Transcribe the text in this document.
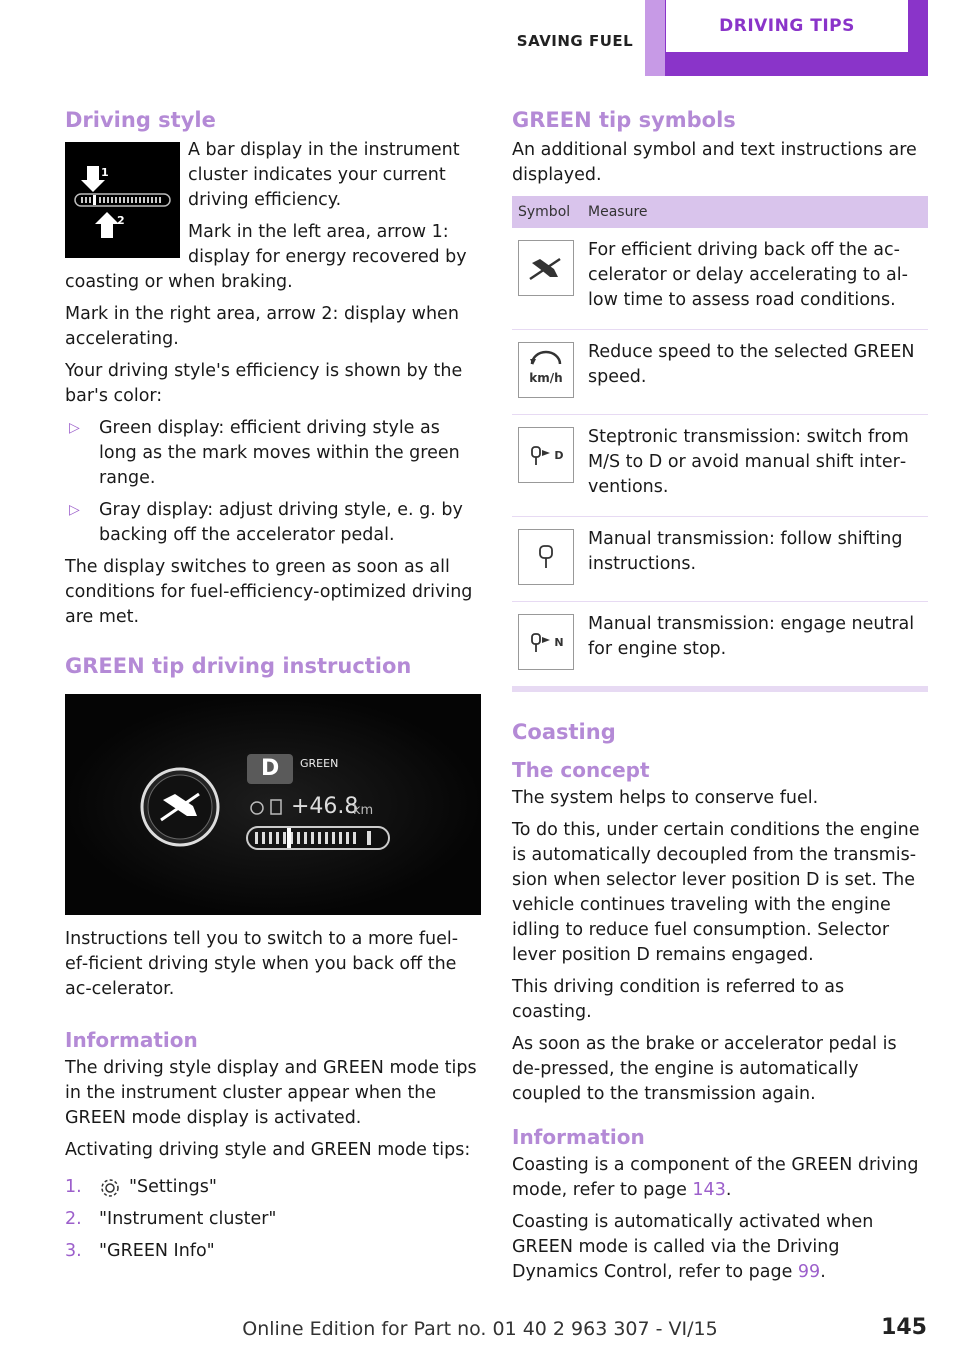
SAVING FUEL
DRIVING TIPS
Driving style
1
2

A bar display in the instrument cluster indicates your current driving efficiency.

Mark in the left area, arrow 1: display for energy recovered by coasting or when braking.

Mark in the right area, arrow 2: display when accelerating.

Your driving style's efficiency is shown by the bar's color:

▷ Green display: efficient driving style as long as the mark moves within the green range.
▷ Gray display: adjust driving style, e. g. by backing off the accelerator pedal.

The display switches to green as soon as all conditions for fuel-efficiency-optimized driving are met.

GREEN tip driving instruction
D GREEN
+46.8
km

Instructions tell you to switch to a more fuel-ef‐ficient driving style when you back off the ac‐celerator.

Information

The driving style display and GREEN mode tips in the instrument cluster appear when the GREEN mode display is activated.

Activating driving style and GREEN mode tips:

1.	"Settings"
2. "Instrument cluster"
3. "GREEN Info"
GREEN tip symbols

An additional symbol and text instructions are displayed.

Symbol	Measure

	For efficient driving back off the ac‐celerator or delay accelerating to al‐low time to assess road conditions.

km/h	Reduce speed to the selected GREEN speed.

D	Steptronic transmission: switch from M/S to D or avoid manual shift inter‐ventions.

	Manual transmission: follow shifting instructions.

N	Manual transmission: engage neutral for engine stop.
Coasting
The concept

The system helps to conserve fuel.

To do this, under certain conditions the engine is automatically decoupled from the transmis‐sion when selector lever position D is set. The vehicle continues traveling with the engine idling to reduce fuel consumption. Selector lever position D remains engaged.

This driving condition is referred to as coasting.

As soon as the brake or accelerator pedal is de‐pressed, the engine is automatically coupled to the transmission again.

Information

Coasting is a component of the GREEN driving mode, refer to page 143.

Coasting is automatically activated when GREEN mode is called via the Driving Dynamics Control, refer to page 99.

Online Edition for Part no. 01 40 2 963 307 - VI/15	145
